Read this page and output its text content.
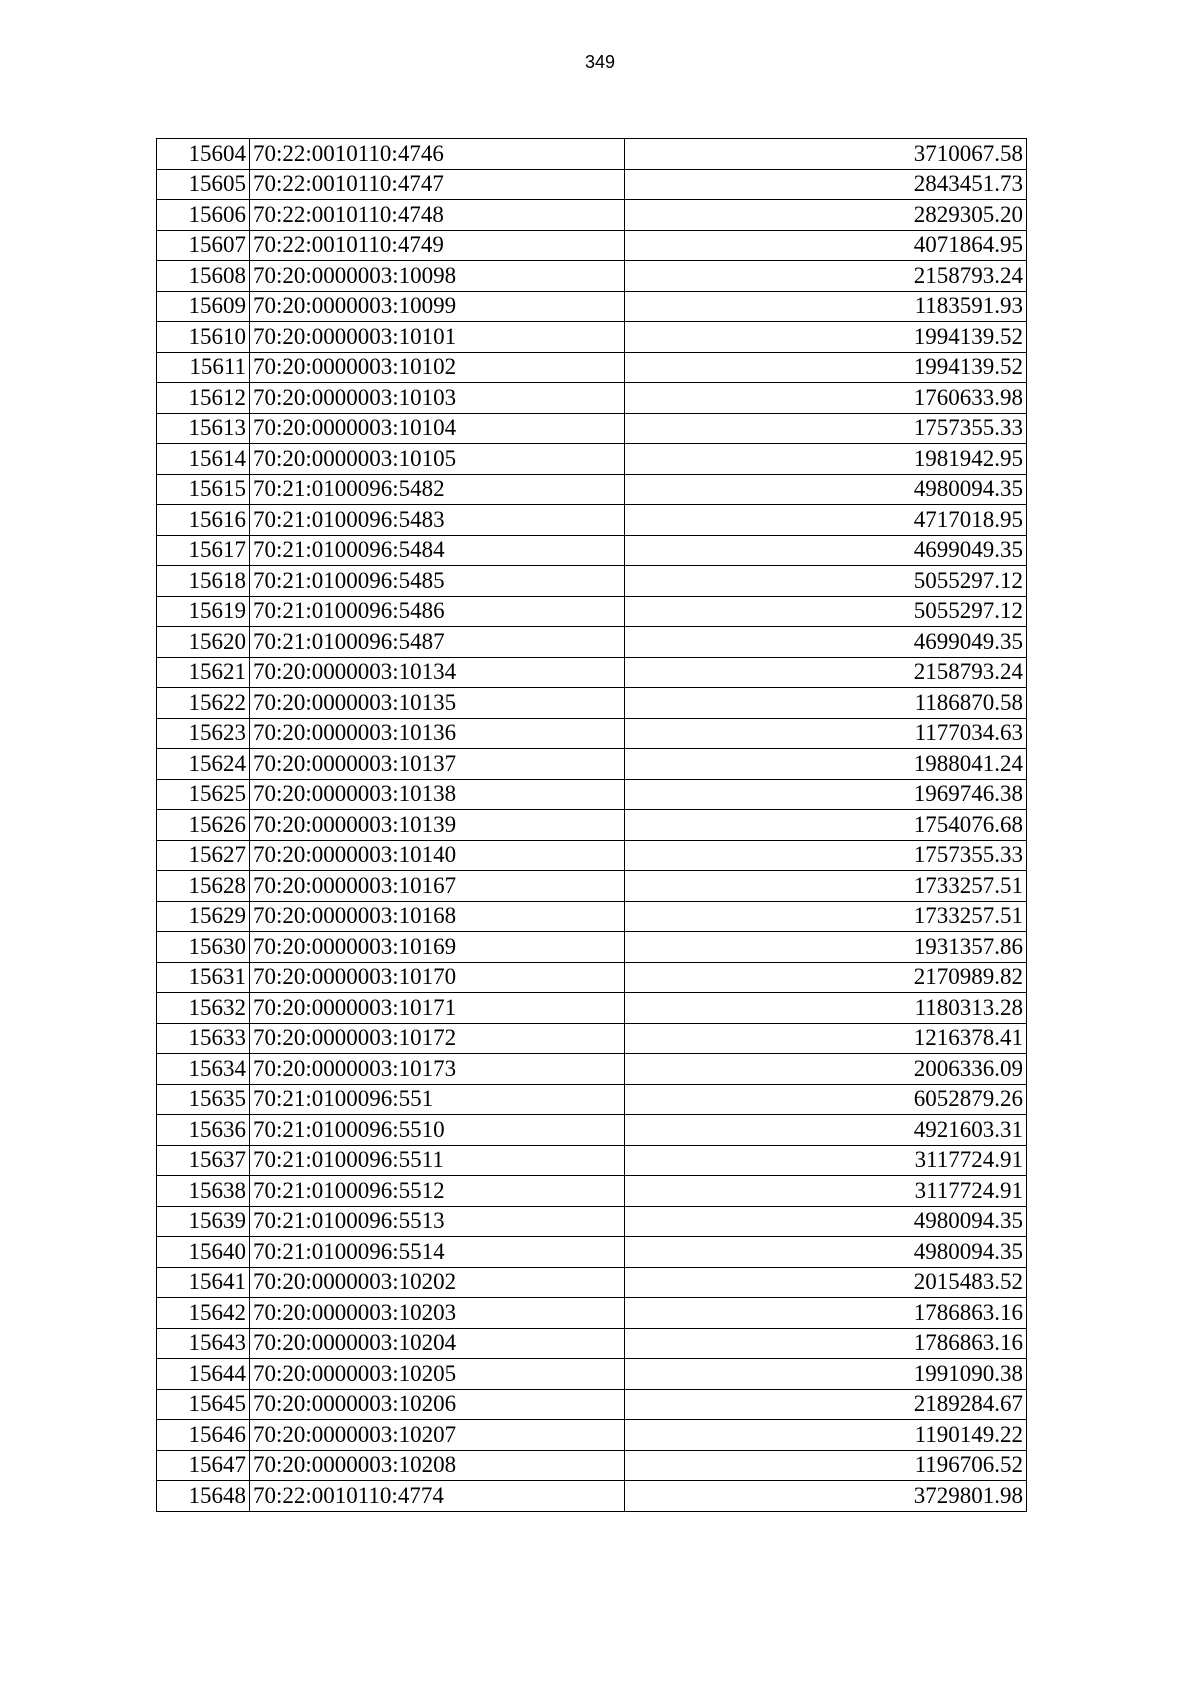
349
15604	70:22:0010110:4746	3710067.58
15605	70:22:0010110:4747	2843451.73
15606	70:22:0010110:4748	2829305.20
15607	70:22:0010110:4749	4071864.95
15608	70:20:0000003:10098	2158793.24
15609	70:20:0000003:10099	1183591.93
15610	70:20:0000003:10101	1994139.52
15611	70:20:0000003:10102	1994139.52
15612	70:20:0000003:10103	1760633.98
15613	70:20:0000003:10104	1757355.33
15614	70:20:0000003:10105	1981942.95
15615	70:21:0100096:5482	4980094.35
15616	70:21:0100096:5483	4717018.95
15617	70:21:0100096:5484	4699049.35
15618	70:21:0100096:5485	5055297.12
15619	70:21:0100096:5486	5055297.12
15620	70:21:0100096:5487	4699049.35
15621	70:20:0000003:10134	2158793.24
15622	70:20:0000003:10135	1186870.58
15623	70:20:0000003:10136	1177034.63
15624	70:20:0000003:10137	1988041.24
15625	70:20:0000003:10138	1969746.38
15626	70:20:0000003:10139	1754076.68
15627	70:20:0000003:10140	1757355.33
15628	70:20:0000003:10167	1733257.51
15629	70:20:0000003:10168	1733257.51
15630	70:20:0000003:10169	1931357.86
15631	70:20:0000003:10170	2170989.82
15632	70:20:0000003:10171	1180313.28
15633	70:20:0000003:10172	1216378.41
15634	70:20:0000003:10173	2006336.09
15635	70:21:0100096:551	6052879.26
15636	70:21:0100096:5510	4921603.31
15637	70:21:0100096:5511	3117724.91
15638	70:21:0100096:5512	3117724.91
15639	70:21:0100096:5513	4980094.35
15640	70:21:0100096:5514	4980094.35
15641	70:20:0000003:10202	2015483.52
15642	70:20:0000003:10203	1786863.16
15643	70:20:0000003:10204	1786863.16
15644	70:20:0000003:10205	1991090.38
15645	70:20:0000003:10206	2189284.67
15646	70:20:0000003:10207	1190149.22
15647	70:20:0000003:10208	1196706.52
15648	70:22:0010110:4774	3729801.98
